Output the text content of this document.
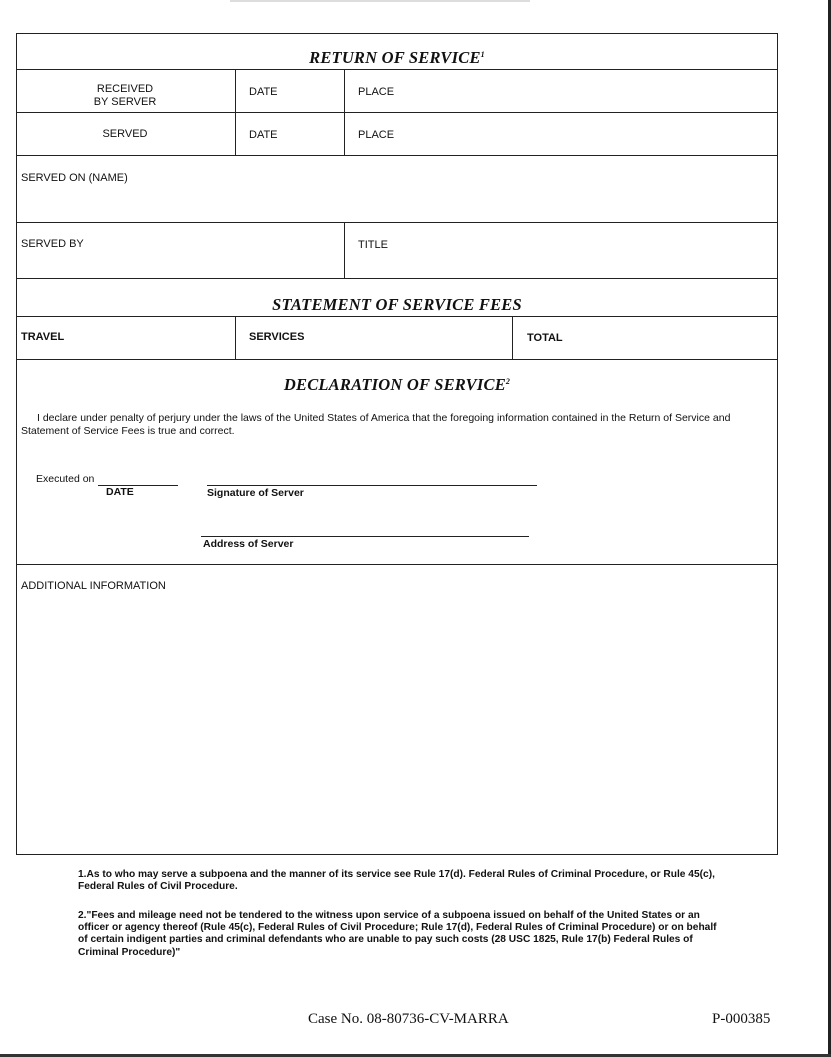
RETURN OF SERVICE$^1$
RECEIVED
BY SERVER
DATE	PLACE
SERVED	DATE	PLACE
SERVED ON (NAME)
SERVED BY	TITLE
STATEMENT OF SERVICE FEES
TRAVEL	SERVICES	TOTAL
DECLARATION OF SERVICE$^2$
I declare under penalty of perjury under the laws of the United States of America that the foregoing information contained in the Return of Service and Statement of Service Fees is true and correct.
Executed on
DATE	Signature of Server
Address of Server
ADDITIONAL INFORMATION
1.As to who may serve a subpoena and the manner of its service see Rule 17(d). Federal Rules of Criminal Procedure, or Rule 45(c), Federal Rules of Civil Procedure.
2."Fees and mileage need not be tendered to the witness upon service of a subpoena issued on behalf of the United States or an officer or agency thereof (Rule 45(c), Federal Rules of Civil Procedure; Rule 17(d), Federal Rules of Criminal Procedure) or on behalf of certain indigent parties and criminal defendants who are unable to pay such costs (28 USC 1825, Rule 17(b) Federal Rules of Criminal Procedure)"
Case No. 08-80736-CV-MARRA	P-000385
